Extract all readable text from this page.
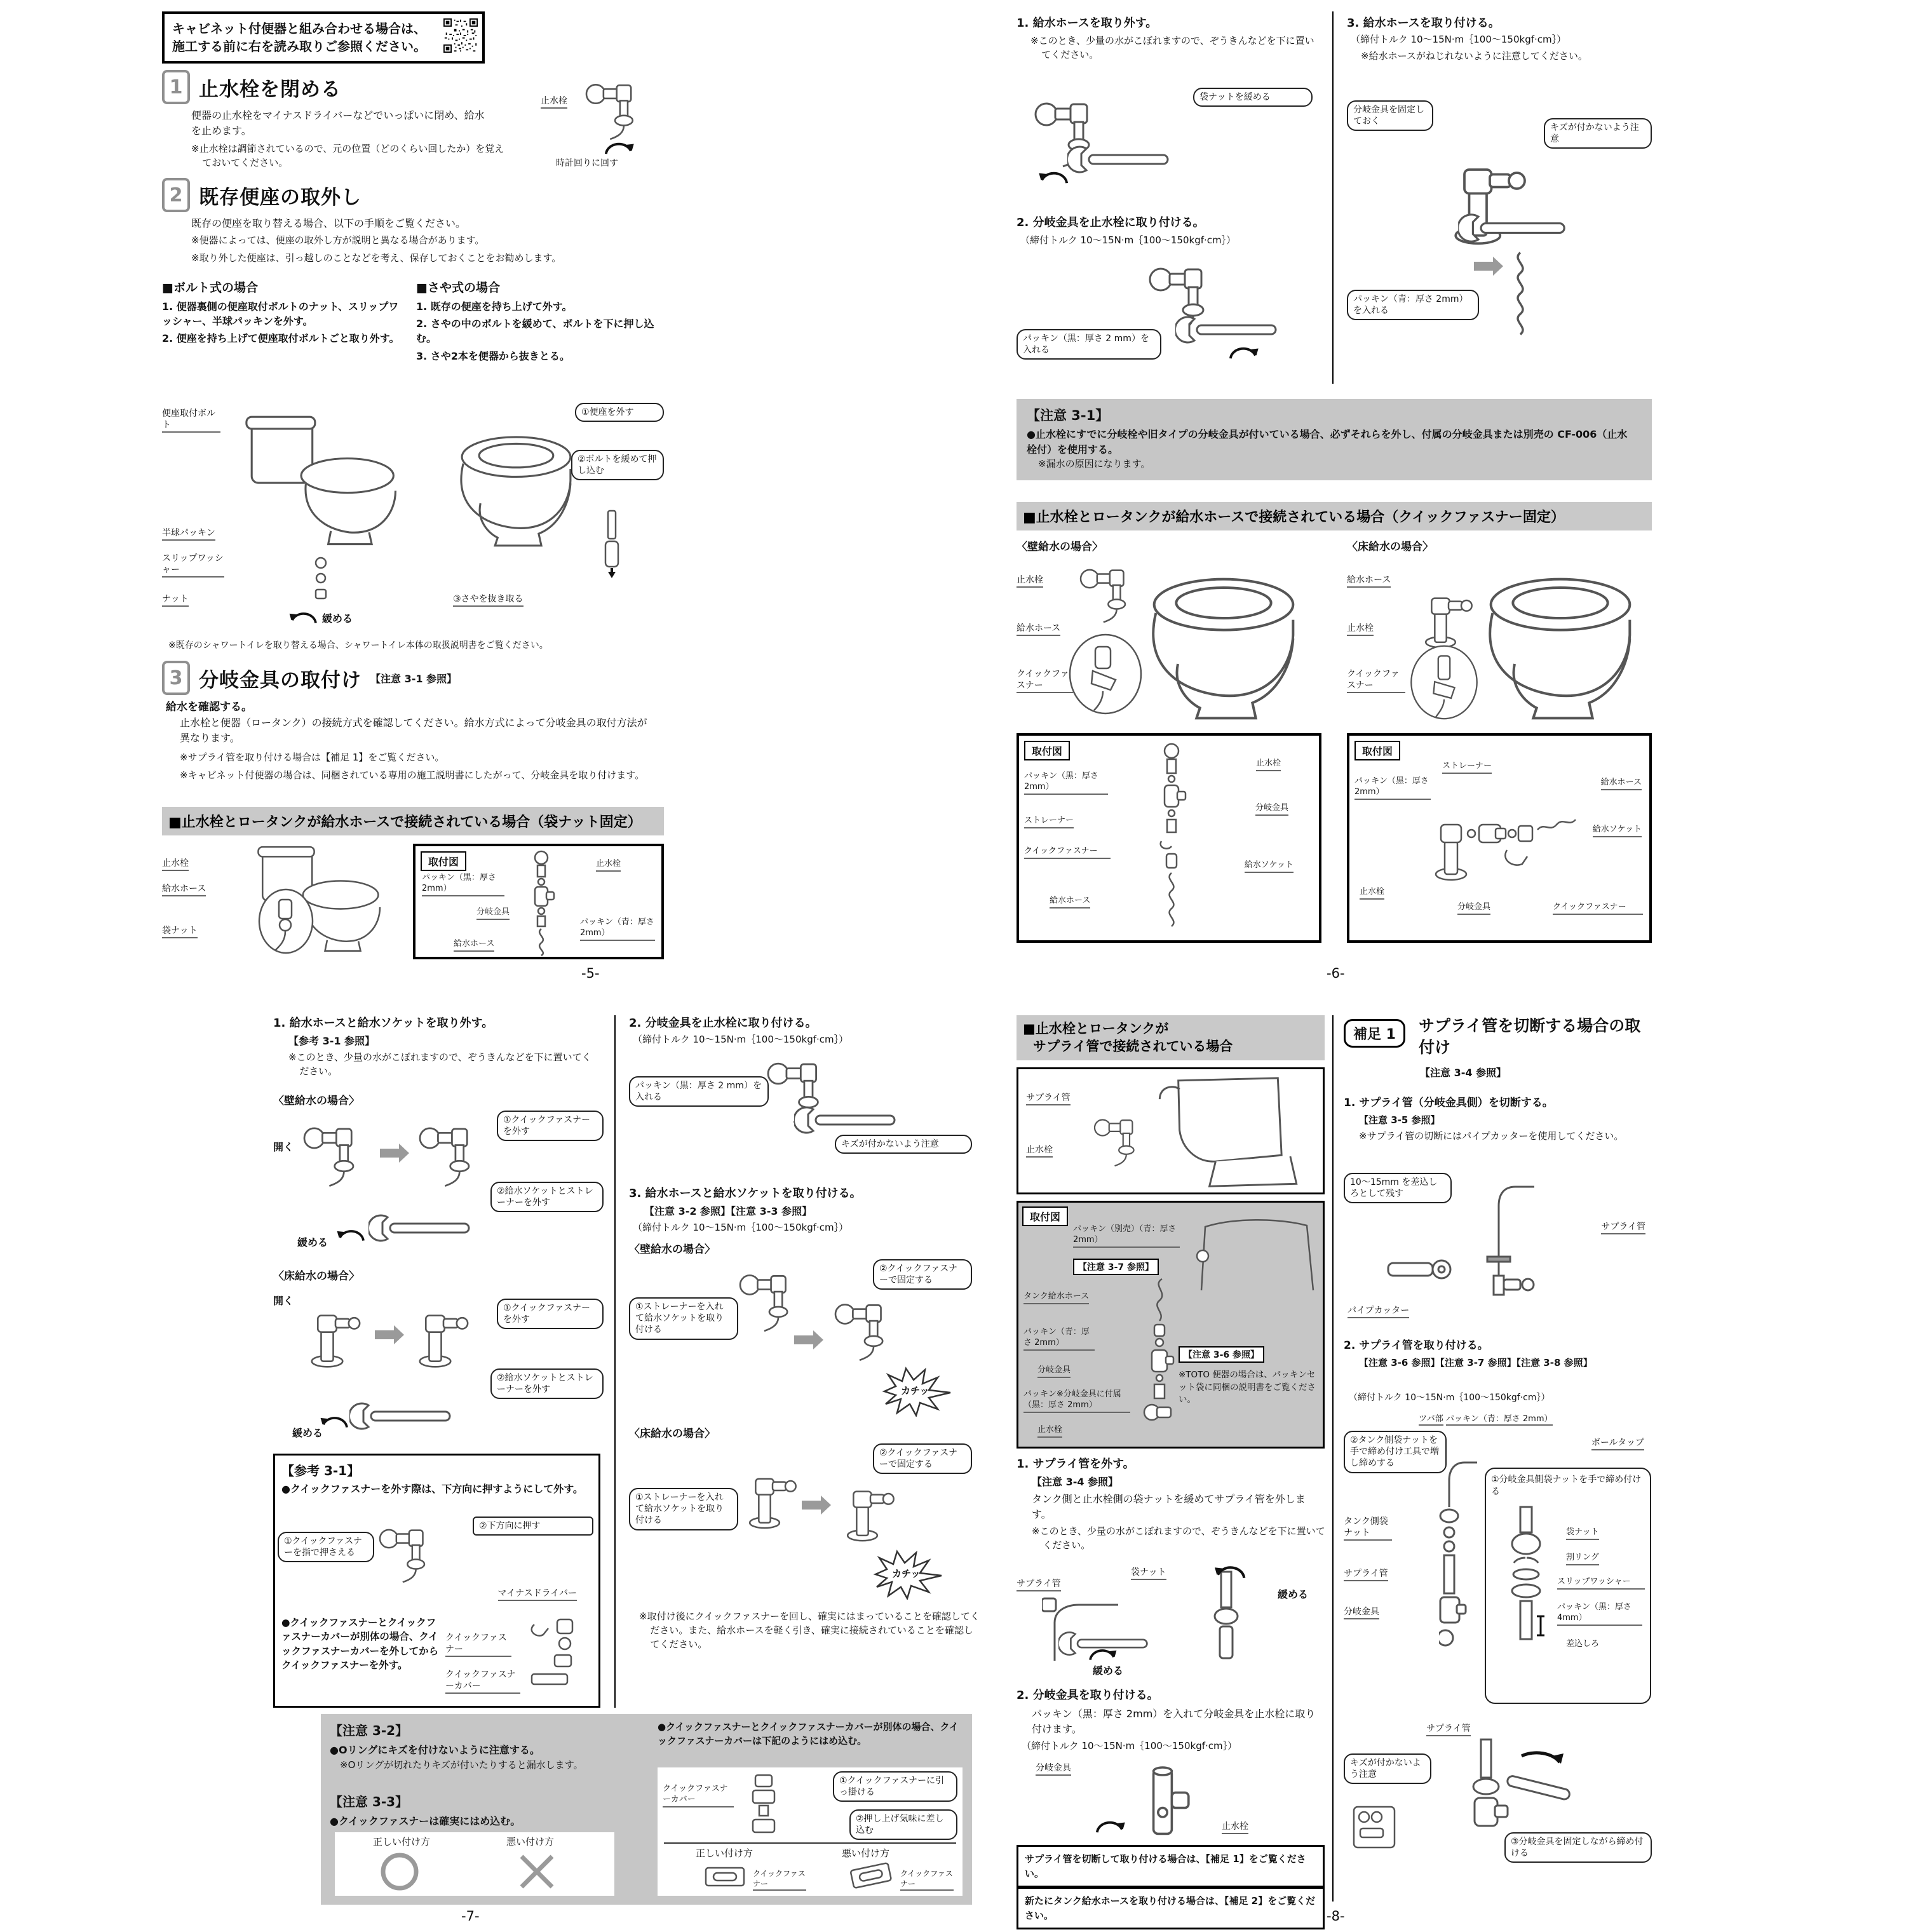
キャビネット付便器と組み合わせる場合は、
施工する前に右を読み取りご参照ください。
1 止水栓を閉める
便器の止水栓をマイナスドライバーなどでいっぱいに閉め、給水を止めます。
※止水栓は調節されているので、元の位置（どのくらい回したか）を覚えておいてください。
止水栓
時計回りに回す
2 既存便座の取外し
既存の便座を取り替える場合、以下の手順をご覧ください。
※便器によっては、便座の取外し方が説明と異なる場合があります。
※取り外した便座は、引っ越しのことなどを考え、保存しておくことをお勧めします。
■ボルト式の場合
1. 便器裏側の便座取付ボルトのナット、スリップワッシャー、半球パッキンを外す。
2. 便座を持ち上げて便座取付ボルトごと取り外す。
便座取付ボルト
半球パッキン
スリップワッシャー
ナット
緩める
■さや式の場合
1. 既存の便座を持ち上げて外す。
2. さやの中のボルトを緩めて、ボルトを下に押し込む。
3. さや2本を便器から抜きとる。
①便座を外す
②ボルトを緩めて押し込む
③さやを抜き取る
※既存のシャワートイレを取り替える場合、シャワートイレ本体の取扱説明書をご覧ください。
3 分岐金具の取付け 【注意 3-1 参照】
給水を確認する。
止水栓と便器（ロータンク）の接続方式を確認してください。給水方式によって分岐金具の取付方法が異なります。
※サプライ管を取り付ける場合は【補足 1】をご覧ください。
※キャビネット付便器の場合は、同梱されている専用の施工説明書にしたがって、分岐金具を取り付けます。
■止水栓とロータンクが給水ホースで接続されている場合（袋ナット固定）
止水栓
給水ホース
袋ナット
取付図
パッキン（黒：厚さ 2mm）
止水栓
分岐金具
パッキン（青：厚さ 2mm）
給水ホース
-5-
1. 給水ホースを取り外す。
※このとき、少量の水がこぼれますので、ぞうきんなどを下に置いてください。
袋ナットを緩める
2. 分岐金具を止水栓に取り付ける。
（締付トルク 10～15N·m｛100～150kgf·cm｝）
パッキン（黒：厚さ 2 mm）を入れる
3. 給水ホースを取り付ける。
（締付トルク 10～15N·m｛100～150kgf·cm｝）
※給水ホースがねじれないように注意してください。
分岐金具を固定しておく
キズが付かないよう注意
パッキン（青：厚さ 2mm）を入れる
【注意 3-1】
●止水栓にすでに分岐栓や旧タイプの分岐金具が付いている場合、必ずそれらを外し、付属の分岐金具または別売の CF-006（止水栓付）を使用する。
※漏水の原因になります。
■止水栓とロータンクが給水ホースで接続されている場合（クイックファスナー固定）
〈壁給水の場合〉
止水栓
給水ホース
クイックファスナー
〈床給水の場合〉
給水ホース
止水栓
クイックファスナー
取付図
パッキン（黒：厚さ 2mm）
止水栓
ストレーナー
分岐金具
クイックファスナー
給水ソケット
給水ホース
取付図
ストレーナー
パッキン（黒：厚さ 2mm）
給水ホース
給水ソケット
止水栓
分岐金具	クイックファスナー
-6-
1. 給水ホースと給水ソケットを取り外す。
【参考 3-1 参照】
※このとき、少量の水がこぼれますので、ぞうきんなどを下に置いてください。
〈壁給水の場合〉
開く
①クイックファスナーを外す
②給水ソケットとストレーナーを外す
緩める
〈床給水の場合〉
開く
①クイックファスナーを外す
②給水ソケットとストレーナーを外す
緩める
【参考 3-1】
●クイックファスナーを外す際は、下方向に押すようにして外す。
①クイックファスナーを指で押さえる
②下方向に押す
マイナスドライバー
●クイックファスナーとクイックファスナーカバーが別体の場合、クイックファスナーカバーを外してからクイックファスナーを外す。
クイックファスナー
クイックファスナーカバー
2. 分岐金具を止水栓に取り付ける。
（締付トルク 10～15N·m｛100～150kgf·cm｝）
パッキン（黒：厚さ 2 mm）を入れる
キズが付かないよう注意
3. 給水ホースと給水ソケットを取り付ける。
【注意 3-2 参照】【注意 3-3 参照】
（締付トルク 10～15N·m｛100～150kgf·cm｝）
〈壁給水の場合〉
①ストレーナーを入れて給水ソケットを取り付ける
②クイックファスナーで固定する
カチッ
〈床給水の場合〉
①ストレーナーを入れて給水ソケットを取り付ける
②クイックファスナーで固定する
カチッ
※取付け後にクイックファスナーを回し、確実にはまっていることを確認してください。また、給水ホースを軽く引き、確実に接続されていることを確認してください。
【注意 3-2】
●Oリングにキズを付けないように注意する。
※Oリングが切れたりキズが付いたりすると漏水します。
【注意 3-3】
●クイックファスナーは確実にはめ込む。
正しい付け方	悪い付け方
●クイックファスナーとクイックファスナーカバーが別体の場合、クイックファスナーカバーは下記のようにはめ込む。
クイックファスナーカバー
①クイックファスナーに引っ掛ける
②押し上げ気味に差し込む
正しい付け方	悪い付け方
クイックファスナー
クイックファスナー
-7-
■止水栓とロータンクが
サプライ管で接続されている場合
サプライ管
止水栓
取付図
パッキン（別売）（青：厚さ 2mm）
【注意 3-7 参照】
タンク給水ホース
パッキン（青：厚さ 2mm）
分岐金具
パッキン※分岐金具に付属（黒：厚さ 2mm）
止水栓
【注意 3-6 参照】
※TOTO 便器の場合は、パッキンセット袋に同梱の説明書をご覧ください。
1. サプライ管を外す。
【注意 3-4 参照】
タンク側と止水栓側の袋ナットを緩めてサプライ管を外します。
※このとき、少量の水がこぼれますので、ぞうきんなどを下に置いてください。
サプライ管
袋ナット
緩める
緩める
2. 分岐金具を取り付ける。
パッキン（黒：厚さ 2mm）を入れて分岐金具を止水栓に取り付けます。
（締付トルク 10～15N·m｛100～150kgf·cm｝）
分岐金具
止水栓
サプライ管を切断して取り付ける場合は、【補足 1】をご覧ください。
新たにタンク給水ホースを取り付ける場合は、【補足 2】をご覧ください。
補足 1	サプライ管を切断する場合の取付け
【注意 3-4 参照】
1. サプライ管（分岐金具側）を切断する。
【注意 3-5 参照】
※サプライ管の切断にはパイプカッターを使用してください。
10～15mm を差込しろとして残す
サプライ管
パイプカッター
2. サプライ管を取り付ける。
【注意 3-6 参照】【注意 3-7 参照】【注意 3-8 参照】
（締付トルク 10～15N·m｛100～150kgf·cm｝）
ツバ部 パッキン（青：厚さ 2mm）
②タンク側袋ナットを手で締め付け工具で増し締めする
ボールタップ
タンク側袋ナット
サプライ管
分岐金具
①分岐金具側袋ナットを手で締め付ける
袋ナット
割リング
スリップワッシャー
パッキン（黒：厚さ 4mm）
差込しろ
サプライ管
キズが付かないよう注意
③分岐金具を固定しながら締め付ける
-8-
